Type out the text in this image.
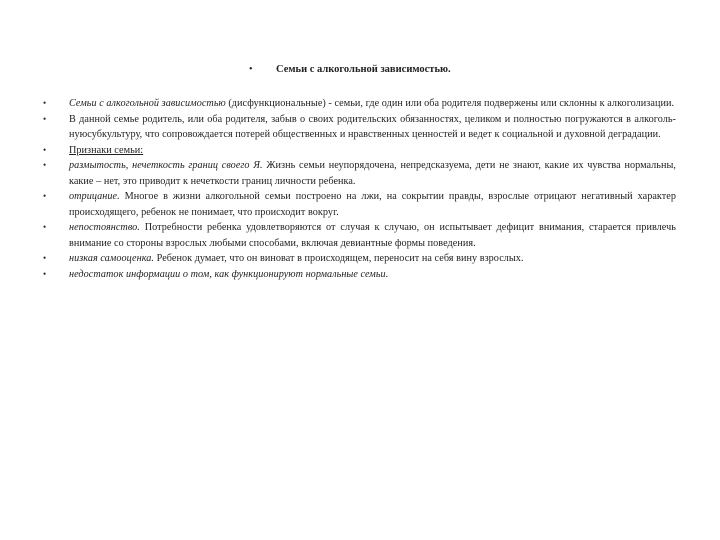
• Семьи с алкогольной зависимостью.
• Семьи с алкогольной зависимостью (дисфункциональные) - семьи, где один или оба родителя подвержены или склонны к алкоголизации.
• В данной семье родитель, или оба родителя, забыв о своих родительских обязанностях, целиком и полностью погружаются в алкоголь-нуюсубкультуру, что сопровождается потерей общественных и нравственных ценностей и ведет к социальной и духовной деградации.
• Признаки семьи:
• размытость, нечеткость границ своего Я. Жизнь семьи неупорядочена, непредсказуема, дети не знают, какие их чувства нормальны, какие – нет, это приводит к нечеткости границ личности ребенка.
• отрицание. Многое в жизни алкогольной семьи построено на лжи, на сокрытии правды, взрослые отрицают негативный характер происходящего, ребенок не понимает, что происходит вокруг.
• непостоянство. Потребности ребенка удовлетворяются от случая к случаю, он испытывает дефицит внимания, старается привлечь внимание со стороны взрослых любыми способами, включая девиантные формы поведения.
• низкая самооценка. Ребенок думает, что он виноват в происходящем, переносит на себя вину взрослых.
• недостаток информации о том, как функционируют нормальные семьи.
